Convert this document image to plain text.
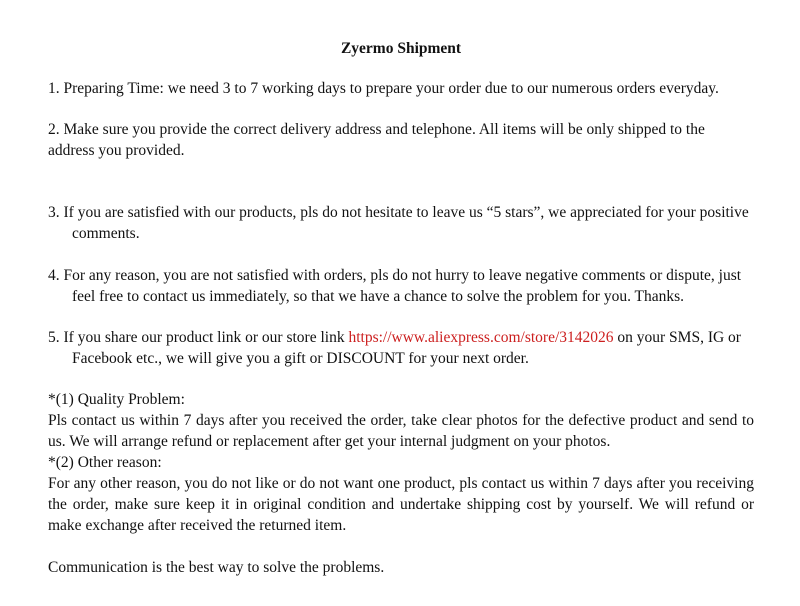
Zyermo Shipment

1. Preparing Time: we need 3 to 7 working days to prepare your order due to our numerous orders everyday.

2. Make sure you provide the correct delivery address and telephone. All items will be only shipped to the address you provided.

3. If you are satisfied with our products, pls do not hesitate to leave us “5 stars”, we appreciated for your positive comments.

4. For any reason, you are not satisfied with orders, pls do not hurry to leave negative comments or dispute, just feel free to contact us immediately, so that we have a chance to solve the problem for you. Thanks.

5. If you share our product link or our store link https://www.aliexpress.com/store/3142026 on your SMS, IG or Facebook etc., we will give you a gift or DISCOUNT for your next order.

*(1) Quality Problem:

Pls contact us within 7 days after you received the order, take clear photos for the defective product and send to us. We will arrange refund or replacement after get your internal judgment on your photos.

*(2) Other reason:

For any other reason, you do not like or do not want one product, pls contact us within 7 days after you receiving the order, make sure keep it in original condition and undertake shipping cost by yourself. We will refund or make exchange after received the returned item.

Communication is the best way to solve the problems.
